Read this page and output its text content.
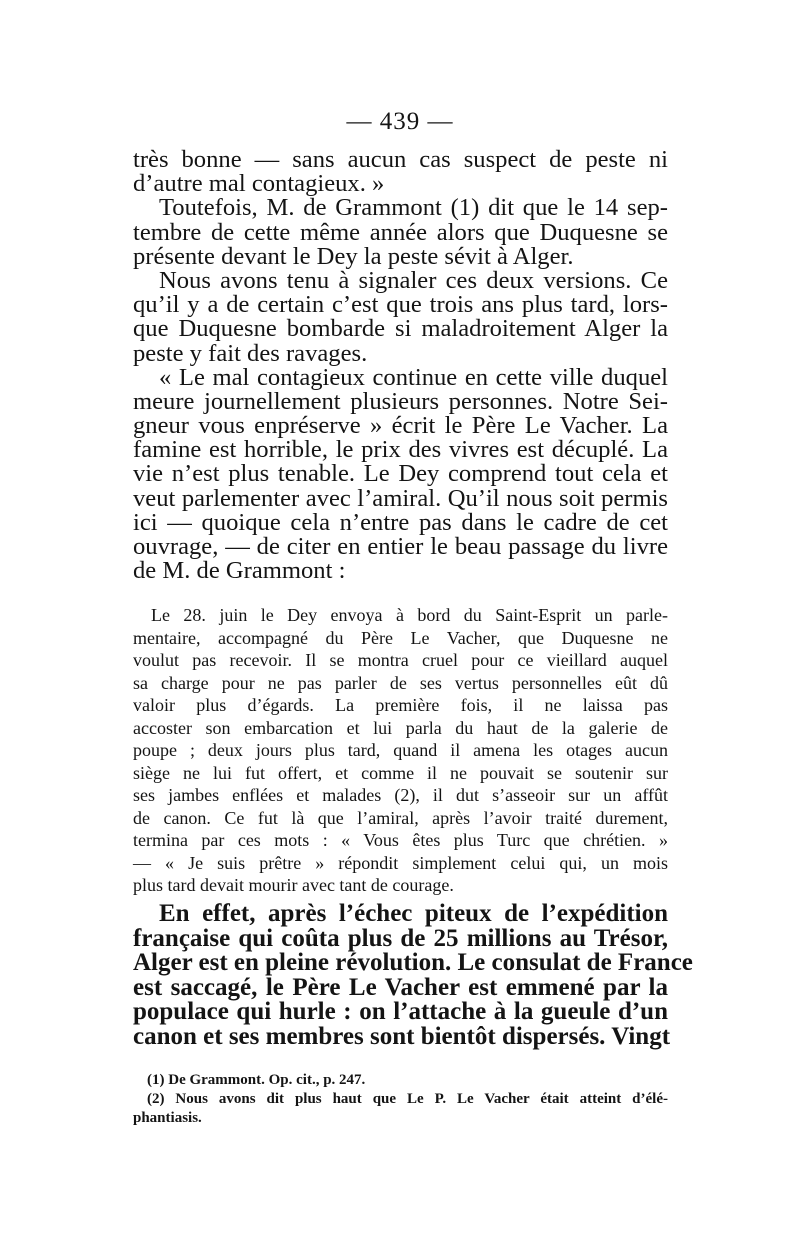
— 439 —
très bonne — sans aucun cas suspect de peste ni
d’autre mal contagieux. »
Toutefois, M. de Grammont (1) dit que le 14 sep-
tembre de cette même année alors que Duquesne se
présente devant le Dey la peste sévit à Alger.
Nous avons tenu à signaler ces deux versions. Ce
qu’il y a de certain c’est que trois ans plus tard, lors-
que Duquesne bombarde si maladroitement Alger la
peste y fait des ravages.
« Le mal contagieux continue en cette ville duquel
meure journellement plusieurs personnes. Notre Sei-
gneur vous enpréserve » écrit le Père Le Vacher. La
famine est horrible, le prix des vivres est décuplé. La
vie n’est plus tenable. Le Dey comprend tout cela et
veut parlementer avec l’amiral. Qu’il nous soit permis
ici — quoique cela n’entre pas dans le cadre de cet
ouvrage, — de citer en entier le beau passage du livre
de M. de Grammont :
Le 28. juin le Dey envoya à bord du Saint-Esprit un parle-
mentaire, accompagné du Père Le Vacher, que Duquesne ne
voulut pas recevoir. Il se montra cruel pour ce vieillard auquel
sa charge pour ne pas parler de ses vertus personnelles eût dû
valoir plus d’égards. La première fois, il ne laissa pas
accoster son embarcation et lui parla du haut de la galerie de
poupe ; deux jours plus tard, quand il amena les otages aucun
siège ne lui fut offert, et comme il ne pouvait se soutenir sur
ses jambes enflées et malades (2), il dut s’asseoir sur un affût
de canon. Ce fut là que l’amiral, après l’avoir traité durement,
termina par ces mots : « Vous êtes plus Turc que chrétien. »
— « Je suis prêtre » répondit simplement celui qui, un mois
plus tard devait mourir avec tant de courage.
En effet, après l’échec piteux de l’expédition
française qui coûta plus de 25 millions au Trésor,
Alger est en pleine révolution. Le consulat de France
est saccagé, le Père Le Vacher est emmené par la
populace qui hurle : on l’attache à la gueule d’un
canon et ses membres sont bientôt dispersés. Vingt
(1) De Grammont. Op. cit., p. 247.
(2) Nous avons dit plus haut que Le P. Le Vacher était atteint d’élé-
phantiasis.
